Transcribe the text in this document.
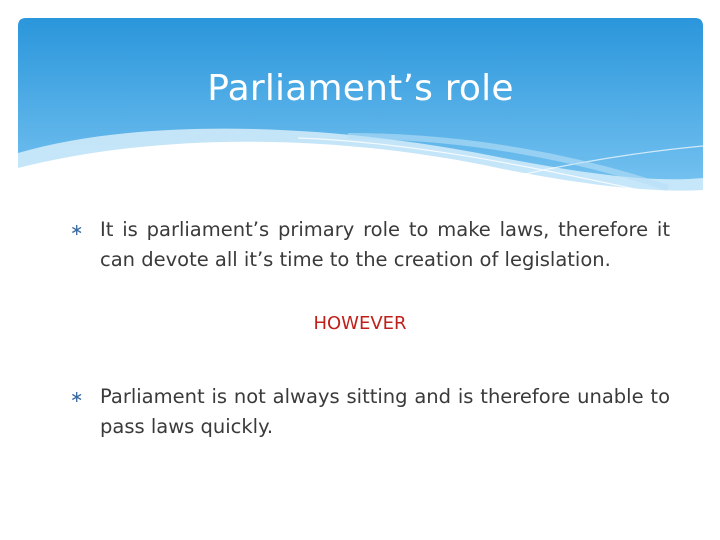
Parliament’s role
∗ It is parliament’s primary role to make laws, therefore it can devote all it’s time to the creation of legislation.
HOWEVER
∗ Parliament is not always sitting and is therefore unable to pass laws quickly.
